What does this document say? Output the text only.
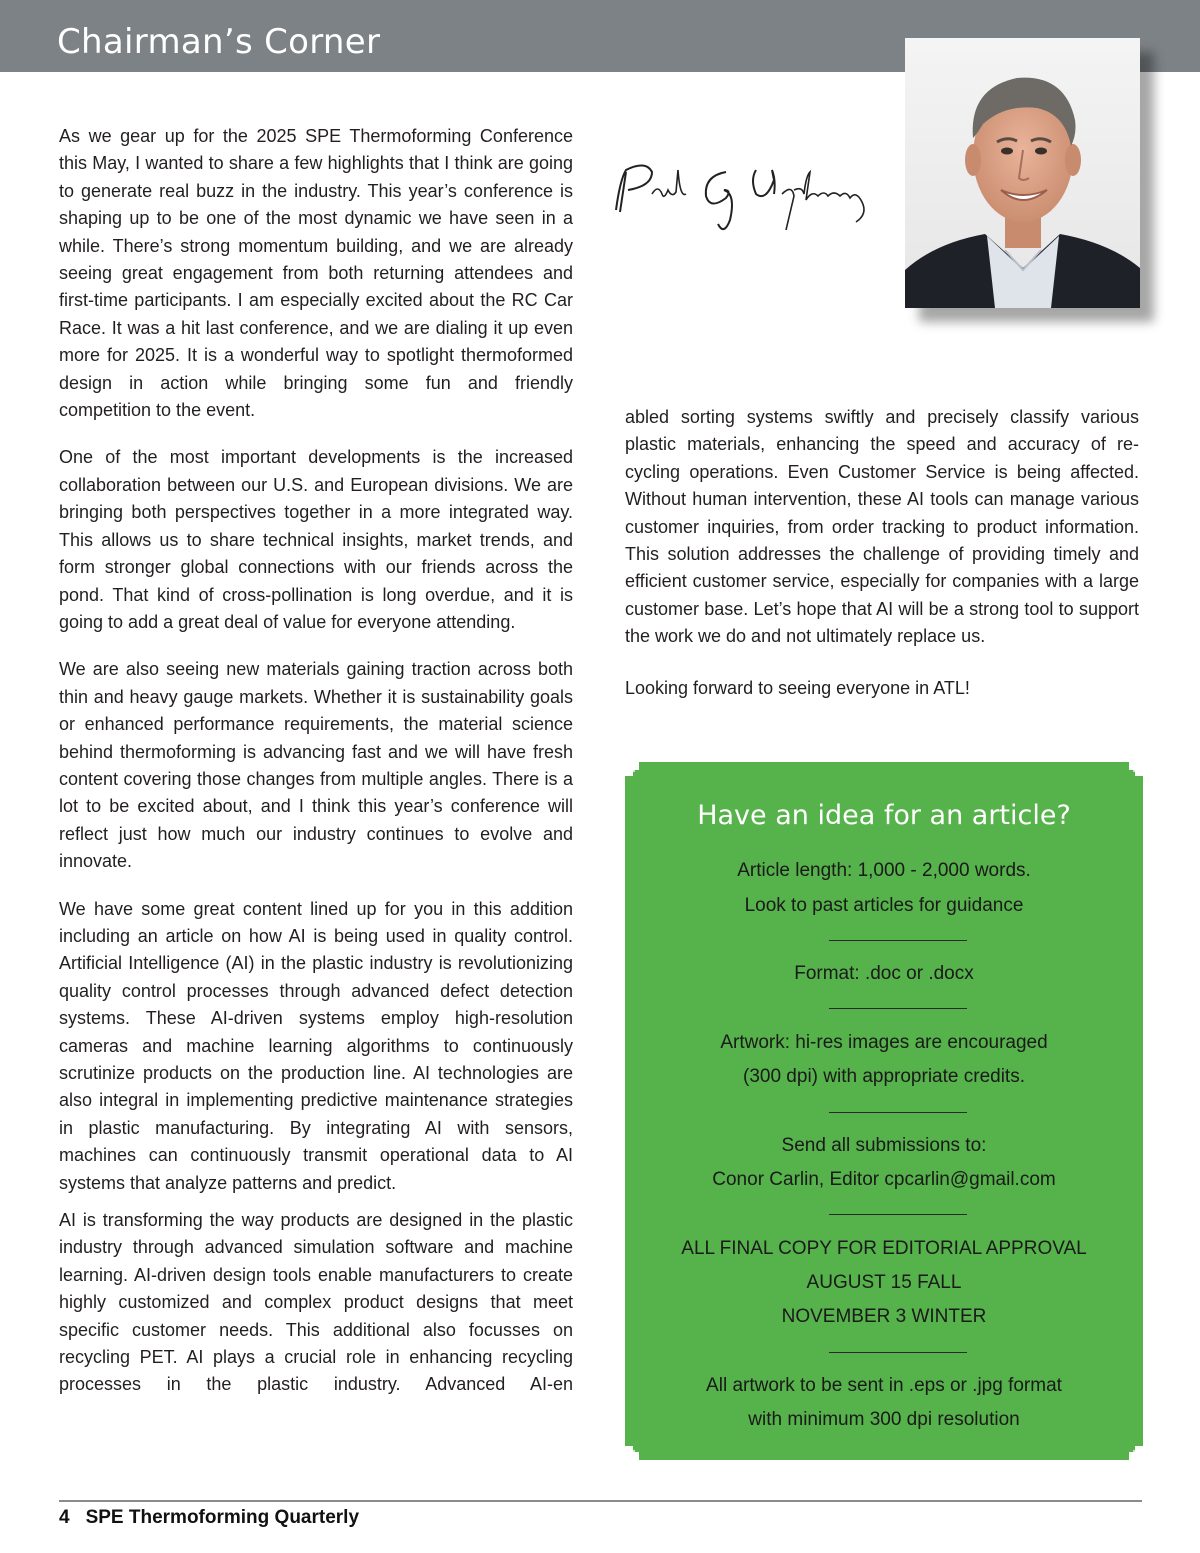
Chairman’s Corner

As we gear up for the 2025 SPE Thermoforming Conference this May, I wanted to share a few highlights that I think are going to generate real buzz in the industry. This year’s conference is shaping up to be one of the most dynamic we have seen in a while. There’s strong momentum building, and we are already seeing great engagement from both returning attendees and first-time participants. I am especially excited about the RC Car Race. It was a hit last conference, and we are dialing it up even more for 2025. It is a wonderful way to spotlight thermoformed design in action while bringing some fun and friendly competition to the event.

One of the most important developments is the increased collaboration between our U.S. and European divisions. We are bringing both perspectives together in a more integrated way. This allows us to share technical insights, market trends, and form stronger global connections with our friends across the pond. That kind of cross-pollination is long overdue, and it is going to add a great deal of value for everyone attending.

We are also seeing new materials gaining traction across both thin and heavy gauge markets. Whether it is sustainability goals or enhanced performance requirements, the material science behind thermoforming is advancing fast and we will have fresh content covering those changes from multiple angles. There is a lot to be excited about, and I think this year’s conference will reflect just how much our industry continues to evolve and innovate.

We have some great content lined up for you in this addition including an article on how AI is being used in quality control. Artificial Intelligence (AI) in the plastic industry is revolutionizing quality control processes through advanced defect detection systems. These AI-driven systems employ high-resolution cameras and machine learning algorithms to continuously scrutinize products on the production line. AI technologies are also integral in implementing predictive maintenance strategies in plastic manufacturing. By integrating AI with sensors, machines can continuously transmit operational data to AI systems that analyze patterns and predict.

AI is transforming the way products are designed in the plastic industry through advanced simulation software and machine learning. AI-driven design tools enable manufacturers to create highly customized and complex product designs that meet specific customer needs. This additional also focusses on recycling PET. AI plays a crucial role in enhancing recycling processes in the plastic industry. Advanced AI-en

abled sorting systems swiftly and precisely classify various plastic materials, enhancing the speed and accuracy of recycling operations. Even Customer Service is being affected. Without human intervention, these AI tools can manage various customer inquiries, from order tracking to product information. This solution addresses the challenge of providing timely and efficient customer service, especially for companies with a large customer base. Let’s hope that AI will be a strong tool to support the work we do and not ultimately replace us.

Looking forward to seeing everyone in ATL!

Have an idea for an article?
Article length: 1,000 - 2,000 words.
Look to past articles for guidance
Format: .doc or .docx
Artwork: hi-res images are encouraged
(300 dpi) with appropriate credits.
Send all submissions to:
Conor Carlin, Editor cpcarlin@gmail.com
ALL FINAL COPY FOR EDITORIAL APPROVAL
AUGUST 15 FALL
NOVEMBER 3 WINTER
All artwork to be sent in .eps or .jpg format
with minimum 300 dpi resolution
4 SPE Thermoforming Quarterly
